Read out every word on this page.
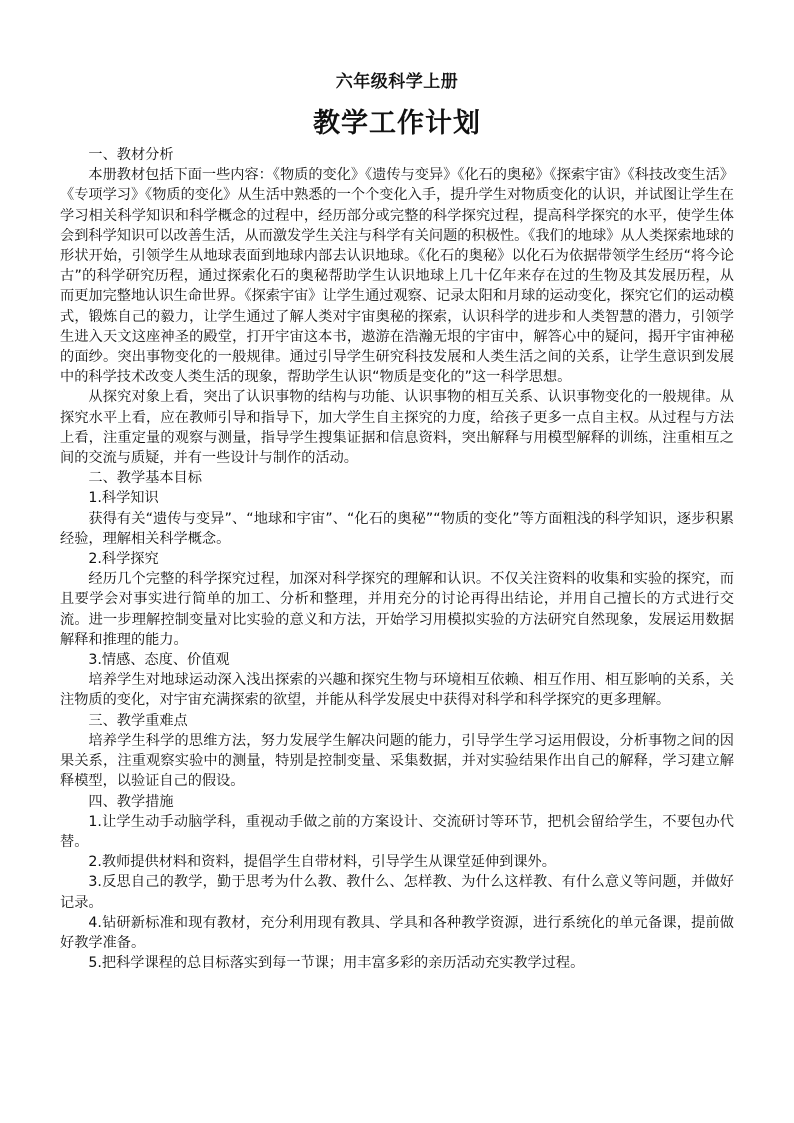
六年级科学上册
教学工作计划

一、教材分析

本册教材包括下面一些内容：《物质的变化》《遗传与变异》《化石的奥秘》《探索宇宙》《科技改变生活》《专项学习》《物质的变化》从生活中熟悉的一个个变化入手，提升学生对物质变化的认识，并试图让学生在学习相关科学知识和科学概念的过程中，经历部分或完整的科学探究过程，提高科学探究的水平，使学生体会到科学知识可以改善生活，从而激发学生关注与科学有关问题的积极性。《我们的地球》从人类探索地球的形状开始，引领学生从地球表面到地球内部去认识地球。《化石的奥秘》以化石为依据带领学生经历“将今论古”的科学研究历程，通过探索化石的奥秘帮助学生认识地球上几十亿年来存在过的生物及其发展历程，从而更加完整地认识生命世界。《探索宇宙》让学生通过观察、记录太阳和月球的运动变化，探究它们的运动模式，锻炼自己的毅力，让学生通过了解人类对宇宙奥秘的探索，认识科学的进步和人类智慧的潜力，引领学生进入天文这座神圣的殿堂，打开宇宙这本书，遨游在浩瀚无垠的宇宙中，解答心中的疑问，揭开宇宙神秘的面纱。突出事物变化的一般规律。通过引导学生研究科技发展和人类生活之间的关系，让学生意识到发展中的科学技术改变人类生活的现象，帮助学生认识“物质是变化的”这一科学思想。

从探究对象上看，突出了认识事物的结构与功能、认识事物的相互关系、认识事物变化的一般规律。从探究水平上看，应在教师引导和指导下，加大学生自主探究的力度，给孩子更多一点自主权。从过程与方法上看，注重定量的观察与测量，指导学生搜集证据和信息资料，突出解释与用模型解释的训练，注重相互之间的交流与质疑，并有一些设计与制作的活动。

二、教学基本目标

1.科学知识

获得有关“遗传与变异”、“地球和宇宙”、“化石的奥秘”“物质的变化”等方面粗浅的科学知识，逐步积累经验，理解相关科学概念。

2.科学探究

经历几个完整的科学探究过程，加深对科学探究的理解和认识。不仅关注资料的收集和实验的探究，而且要学会对事实进行简单的加工、分析和整理，并用充分的讨论再得出结论，并用自己擅长的方式进行交流。进一步理解控制变量对比实验的意义和方法，开始学习用模拟实验的方法研究自然现象，发展运用数据解释和推理的能力。

3.情感、态度、价值观

培养学生对地球运动深入浅出探索的兴趣和探究生物与环境相互依赖、相互作用、相互影响的关系，关注物质的变化，对宇宙充满探索的欲望，并能从科学发展史中获得对科学和科学探究的更多理解。

三、教学重难点

培养学生科学的思维方法，努力发展学生解决问题的能力，引导学生学习运用假设，分析事物之间的因果关系，注重观察实验中的测量，特别是控制变量、采集数据，并对实验结果作出自己的解释，学习建立解释模型，以验证自己的假设。

四、教学措施

1.让学生动手动脑学科，重视动手做之前的方案设计、交流研讨等环节，把机会留给学生，不要包办代替。

2.教师提供材料和资料，提倡学生自带材料，引导学生从课堂延伸到课外。

3.反思自己的教学，勤于思考为什么教、教什么、怎样教、为什么这样教、有什么意义等问题，并做好记录。

4.钻研新标准和现有教材，充分利用现有教具、学具和各种教学资源，进行系统化的单元备课，提前做好教学准备。

5.把科学课程的总目标落实到每一节课；用丰富多彩的亲历活动充实教学过程。
